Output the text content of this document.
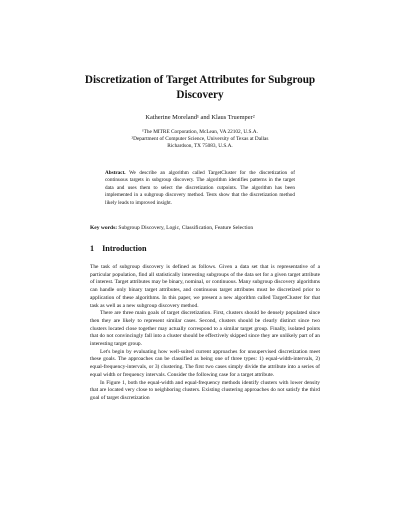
Discretization of Target Attributes for Subgroup Discovery
Katherine Moreland¹ and Klaus Truemper²
¹The MITRE Corporation, McLean, VA 22102, U.S.A.
²Department of Computer Science, University of Texas at Dallas
Richardson, TX 75083, U.S.A.
Abstract. We describe an algorithm called TargetCluster for the discretization of continuous targets in subgroup discovery. The algorithm identifies patterns in the target data and uses them to select the discretization cutpoints. The algorithm has been implemented in a subgroup discovery method. Tests show that the discretization method likely leads to improved insight.
Key words: Subgroup Discovery, Logic, Classification, Feature Selection
1 Introduction

The task of subgroup discovery is defined as follows. Given a data set that is representative of a particular population, find all statistically interesting subgroups of the data set for a given target attribute of interest. Target attributes may be binary, nominal, or continuous. Many subgroup discovery algorithms can handle only binary target attributes, and continuous target attributes must be discretized prior to application of these algorithms. In this paper, we present a new algorithm called TargetCluster for that task as well as a new subgroup discovery method.

There are three main goals of target discretization. First, clusters should be densely populated since then they are likely to represent similar cases. Second, clusters should be clearly distinct since two clusters located close together may actually correspond to a similar target group. Finally, isolated points that do not convincingly fall into a cluster should be effectively skipped since they are unlikely part of an interesting target group.

Let's begin by evaluating how well-suited current approaches for unsupervised discretization meet these goals. The approaches can be classified as being one of three types: 1) equal-width-intervals, 2) equal-frequency-intervals, or 3) clustering. The first two cases simply divide the attribute into a series of equal width or frequency intervals. Consider the following case for a target attribute.

In Figure 1, both the equal-width and equal-frequency methods identify clusters with lower density that are located very close to neighboring clusters. Existing clustering approaches do not satisfy the third goal of target discretization
